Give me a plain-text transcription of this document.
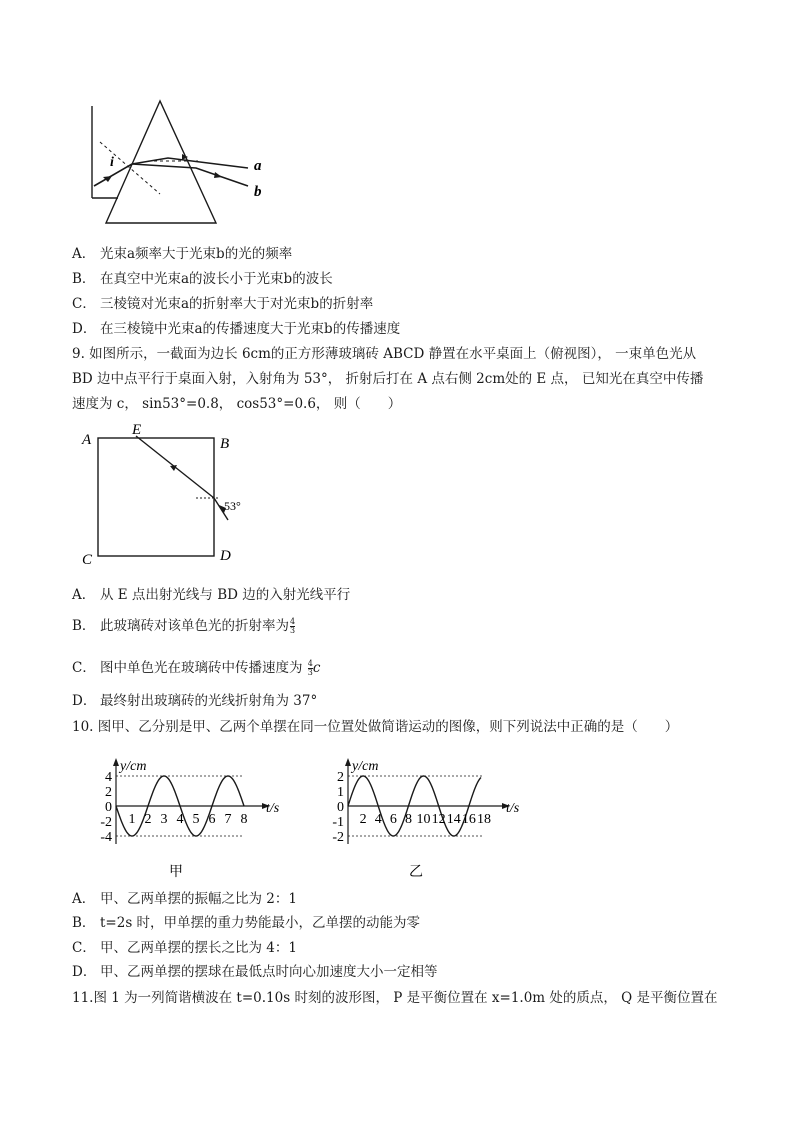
i	a
b
A． 光束a频率大于光束b的光的频率
B． 在真空中光束a的波长小于光束b的波长
C． 三棱镜对光束a的折射率大于对光束b的折射率
D． 在三棱镜中光束a的传播速度大于光束b的传播速度
9. 如图所示，一截面为边长 6cm的正方形薄玻璃砖 ABCD 静置在水平桌面上（俯视图）， 一束单色光从
BD 边中点平行于桌面入射，入射角为 53°， 折射后打在 A 点右侧 2cm处的 E 点， 已知光在真空中传播
速度为 c， sin53°=0.8， cos53°=0.6， 则（　　）
A
E
B
C	D
53°
A． 从 E 点出射光线与 BD 边的入射光线平行
B． 此玻璃砖对该单色光的折射率为 $\frac{4}{3}$
C． 图中单色光在玻璃砖中传播速度为 $\frac{4}{3}$ c
D． 最终射出玻璃砖的光线折射角为 37°
10. 图甲、乙分别是甲、乙两个单摆在同一位置处做简谐运动的图像，则下列说法中正确的是（　　）
4
2
0
-2
-4
1 2 3 4 5 6 7 8
y/cm
t/s
甲
2
1
0
-1
-2
2 4 6 8 10 12 14 16 18
y/cm
t/s
乙
A． 甲、乙两单摆的振幅之比为 2：1
B． t=2s 时，甲单摆的重力势能最小，乙单摆的动能为零
C． 甲、乙两单摆的摆长之比为 4：1
D． 甲、乙两单摆的摆球在最低点时向心加速度大小一定相等
11.图 1 为一列简谐横波在 t=0.10s 时刻的波形图， P 是平衡位置在 x=1.0m 处的质点， Q 是平衡位置在
